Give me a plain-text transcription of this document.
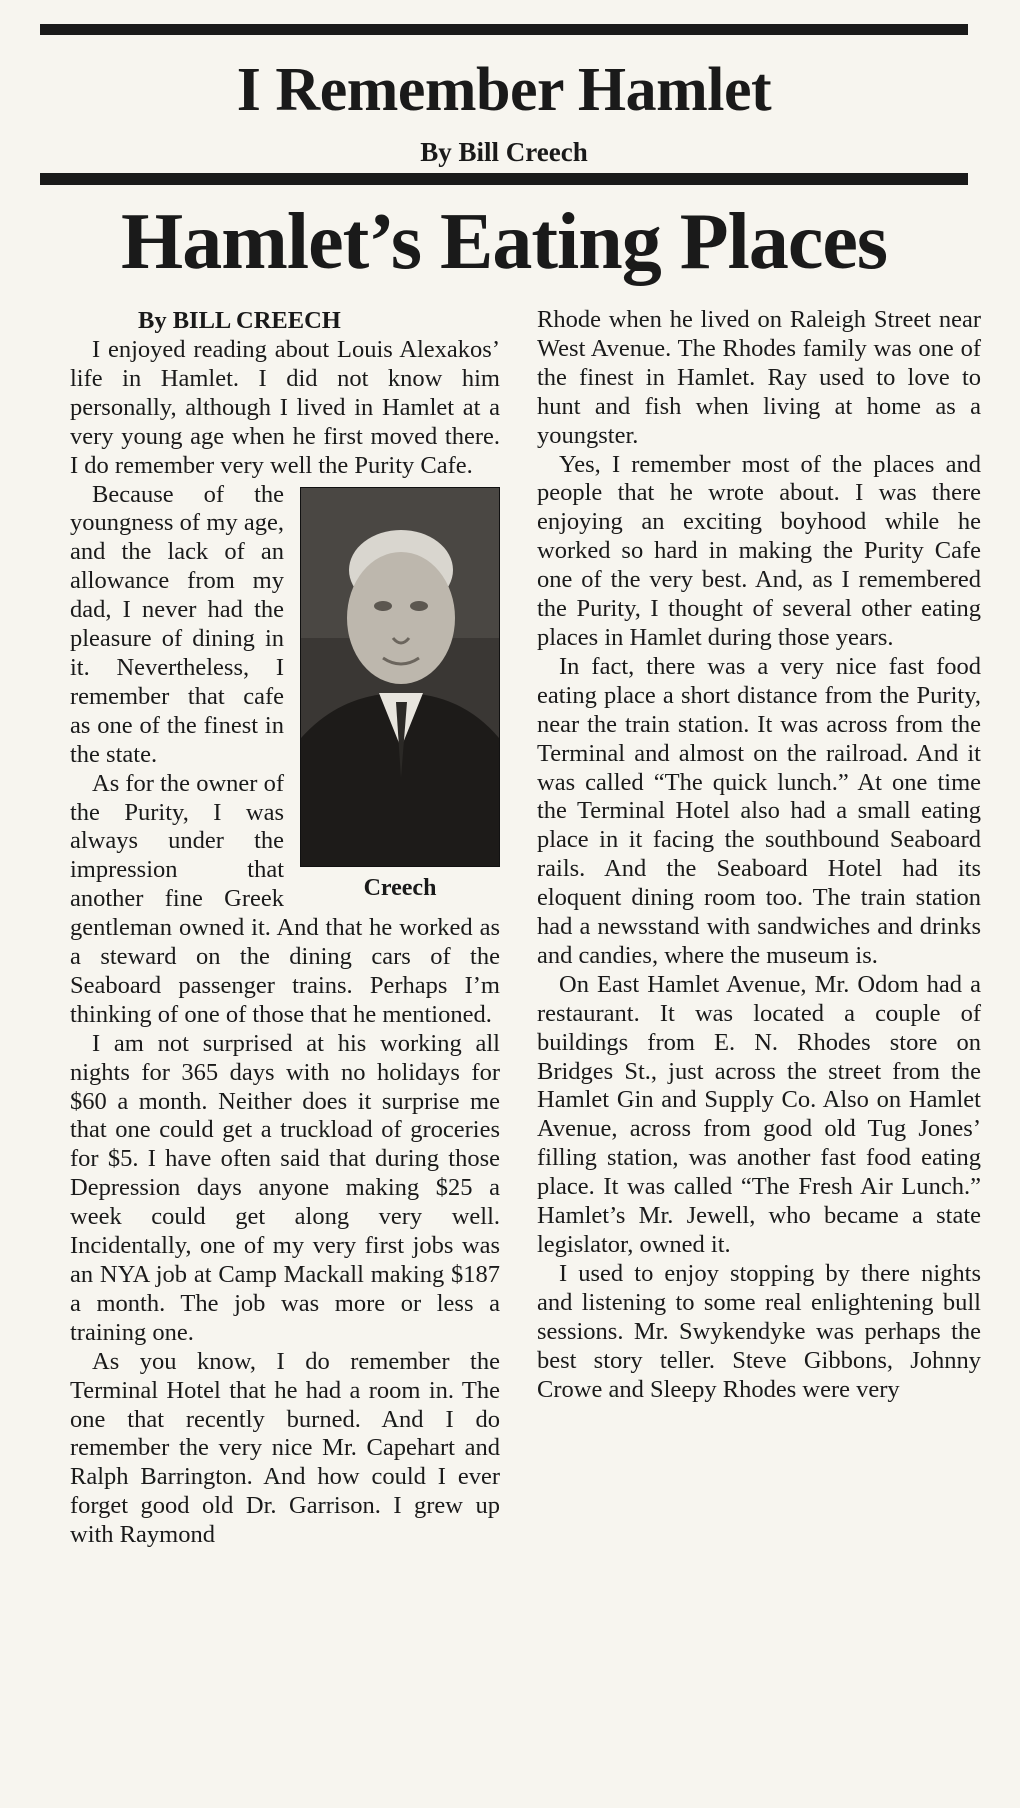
I Remember Hamlet
By Bill Creech
Hamlet’s Eating Places

By BILL CREECH

I enjoyed reading about Louis Alexakos’ life in Hamlet. I did not know him personally, although I lived in Hamlet at a very young age when he first moved there. I do remember very well the Purity Cafe.

Creech

Because of the youngness of my age, and the lack of an allowance from my dad, I never had the pleasure of dining in it. Nevertheless, I remember that cafe as one of the finest in the state.

As for the owner of the Purity, I was always under the impression that another fine Greek gentleman owned it. And that he worked as a steward on the dining cars of the Seaboard passenger trains. Perhaps I’m thinking of one of those that he mentioned.

I am not surprised at his working all nights for 365 days with no holidays for $60 a month. Neither does it surprise me that one could get a truckload of groceries for $5. I have often said that during those Depression days anyone making $25 a week could get along very well. Incidentally, one of my very first jobs was an NYA job at Camp Mackall making $187 a month. The job was more or less a training one.

As you know, I do remember the Terminal Hotel that he had a room in. The one that recently burned. And I do remember the very nice Mr. Capehart and Ralph Barrington. And how could I ever forget good old Dr. Garrison. I grew up with Raymond

Rhode when he lived on Raleigh Street near West Avenue. The Rhodes family was one of the finest in Hamlet. Ray used to love to hunt and fish when living at home as a youngster.

Yes, I remember most of the places and people that he wrote about. I was there enjoying an exciting boyhood while he worked so hard in making the Purity Cafe one of the very best. And, as I remembered the Purity, I thought of several other eating places in Hamlet during those years.

In fact, there was a very nice fast food eating place a short distance from the Purity, near the train station. It was across from the Terminal and almost on the railroad. And it was called “The quick lunch.” At one time the Terminal Hotel also had a small eating place in it facing the southbound Seaboard rails. And the Seaboard Hotel had its eloquent dining room too. The train station had a newsstand with sandwiches and drinks and candies, where the museum is.

On East Hamlet Avenue, Mr. Odom had a restaurant. It was located a couple of buildings from E. N. Rhodes store on Bridges St., just across the street from the Hamlet Gin and Supply Co. Also on Hamlet Avenue, across from good old Tug Jones’ filling station, was another fast food eating place. It was called “The Fresh Air Lunch.” Hamlet’s Mr. Jewell, who became a state legislator, owned it.

I used to enjoy stopping by there nights and listening to some real enlightening bull sessions. Mr. Swykendyke was perhaps the best story teller. Steve Gibbons, Johnny Crowe and Sleepy Rhodes were very
